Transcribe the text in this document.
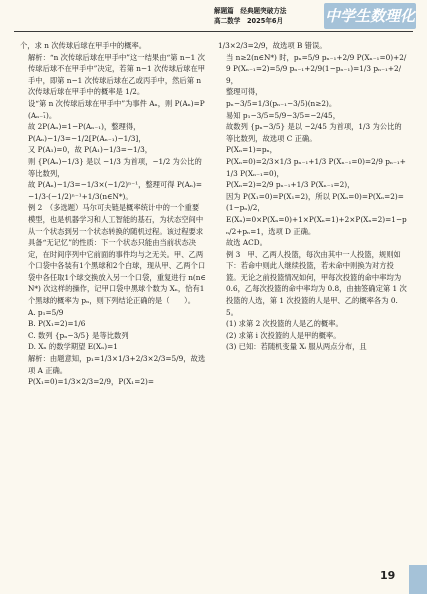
解题篇　经典题突破方法
高二数学　2025年6月	中学生数理化

个，求 n 次传球后球在甲手中的概率。

解析：“n 次传球后球在甲手中”这一结果由“第 n−1 次传球后球不在甲手中”决定，若第 n−1 次传球后球在甲手中，即第 n−1 次传球后球在乙或丙手中，然后第 n 次传球后球在甲手中的概率是 1/2。

设“第 n 次传球后球在甲手中”为事件 Aₙ，则 P(Aₙ)=P(Aₙ₋₁̄)。

故 2P(Aₙ)=1−P(Aₙ₋₁)，整理得，

P(Aₙ)−1/3=−1/2[P(Aₙ₋₁)−1/3]，

又 P(A₁)=0，故 P(A₁)−1/3=−1/3，

则 {P(Aₙ)−1/3} 是以 −1/3 为首项，−1/2 为公比的等比数列，

故 P(Aₙ)−1/3=−1/3×(−1/2)ⁿ⁻¹，整理可得 P(Aₙ)=−1/3·(−1/2)ⁿ⁻¹+1/3(n∈N*)。

例 2　（多选题）马尔可夫链是概率统计中的一个重要模型，也是机器学习和人工智能的基石，为状态空间中从一个状态到另一个状态转换的随机过程。该过程要求具备“无记忆”的性质：下一个状态只能由当前状态决定，在时间序列中它前面的事件均与之无关。甲、乙两个口袋中各装有1个黑球和2个白球，现从甲、乙两个口袋中各任取1个球交换放入另一个口袋，重复进行 n(n∈N*) 次这样的操作，记甲口袋中黑球个数为 Xₙ，恰有1个黑球的概率为 pₙ，则下列结论正确的是（　　）。

A. p₁=5/9

B. P(X₁=2)=1/6

C. 数列 {pₙ−3/5} 是等比数列

D. Xₙ 的数学期望 E(Xₙ)=1

解析：由题意知，p₁=1/3×1/3+2/3×2/3=5/9，故选项 A 正确。

P(X₁=0)=1/3×2/3=2/9，P(X₁=2)=

1/3×2/3=2/9，故选项 B 错误。

当 n≥2(n∈N*) 时，pₙ=5/9 pₙ₋₁+2/9 P(Xₙ₋₁=0)+2/9 P(Xₙ₋₁=2)=5/9 pₙ₋₁+2/9(1−pₙ₋₁)=1/3 pₙ₋₁+2/9，

整理可得，

pₙ−3/5=1/3(pₙ₋₁−3/5)(n≥2)。

易知 p₁−3/5=5/9−3/5=−2/45，

故数列 {pₙ−3/5} 是以 −2/45 为首项，1/3 为公比的等比数列，故选项 C 正确。

P(Xₙ=1)=pₙ，

P(Xₙ=0)=2/3×1/3 pₙ₋₁+1/3 P(Xₙ₋₁=0)=2/9 pₙ₋₁+1/3 P(Xₙ₋₁=0)，

P(Xₙ=2)=2/9 pₙ₋₁+1/3 P(Xₙ₋₁=2)，

因为 P(X₁=0)=P(X₁=2)，所以 P(Xₙ=0)=P(Xₙ=2)=(1−pₙ)/2，

E(Xₙ)=0×P(Xₙ=0)+1×P(Xₙ=1)+2×P(Xₙ=2)=1−pₙ/2+pₙ=1，选项 D 正确。

故选 ACD。

例 3　甲、乙两人投篮，每次由其中一人投篮，规则如下：若命中则此人继续投篮，若未命中则换为对方投篮。无论之前投篮情况如何，甲每次投篮的命中率均为 0.6，乙每次投篮的命中率均为 0.8，由抽签确定第 1 次投篮的人选，第 1 次投篮的人是甲、乙的概率各为 0.5。

(1) 求第 2 次投篮的人是乙的概率。

(2) 求第 i 次投篮的人是甲的概率。

(3) 已知：若随机变量 Xᵢ 服从两点分布，且

19
